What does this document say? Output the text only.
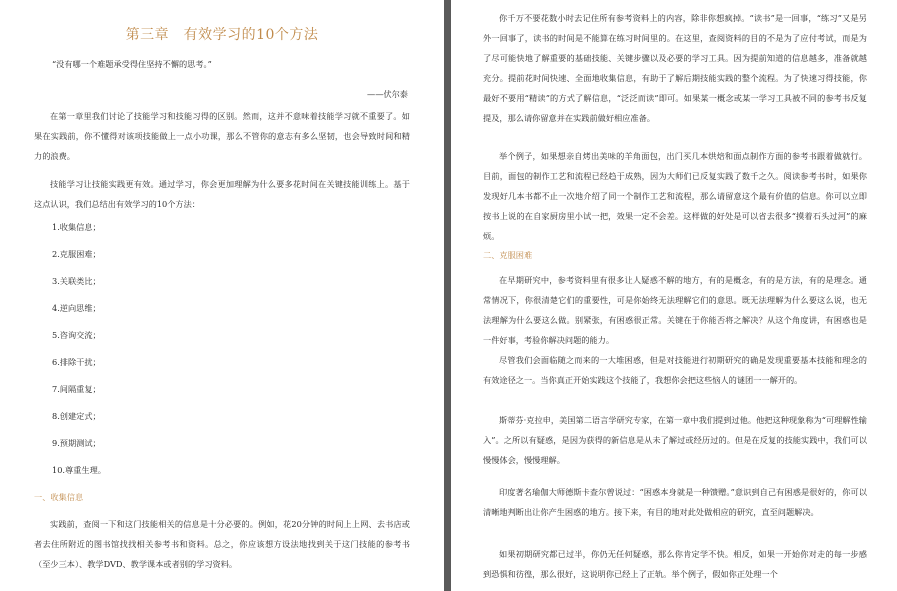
第三章　有效学习的10个方法

“没有哪一个难题承受得住坚持不懈的思考。”

——伏尔泰

在第一章里我们讨论了技能学习和技能习得的区别。然而，这并不意味着技能学习就不重要了。如果在实践前，你不懂得对该项技能做上一点小功课，那么不管你的意志有多么坚韧，也会导致时间和精力的浪费。

技能学习让技能实践更有效。通过学习，你会更加理解为什么要多花时间在关键技能训练上。基于这点认识，我们总结出有效学习的10个方法：

1.收集信息；

2.克服困难；

3.关联类比；

4.逆向思维；

5.咨询交流；

6.排除干扰；

7.间隔重复；

8.创建定式；

9.预期测试；

10.尊重生理。

一、收集信息

实践前，查阅一下和这门技能相关的信息是十分必要的。例如，花20分钟的时间上上网、去书店或者去住所附近的图书馆找找相关参考书和资料。总之，你应该想方设法地找到关于这门技能的参考书（至少三本）、教学DVD、教学课本或者别的学习资料。

你千万不要花数小时去记住所有参考资料上的内容，除非你想疯掉。“读书”是一回事，“练习”又是另外一回事了，读书的时间是不能算在练习时间里的。在这里，查阅资料的目的不是为了应付考试，而是为了尽可能快地了解重要的基础技能、关键步骤以及必要的学习工具。因为提前知道的信息越多，准备就越充分。提前花时间快速、全面地收集信息，有助于了解后期技能实践的整个流程。为了快速习得技能，你最好不要用“精读”的方式了解信息，“泛泛而读”即可。如果某一概念或某一学习工具被不同的参考书反复提及，那么请你留意并在实践前做好相应准备。

举个例子，如果想亲自烤出美味的羊角面包，出门买几本烘焙和面点制作方面的参考书跟着做就行。目前，面包的制作工艺和流程已经趋于成熟，因为大师们已反复实践了数千之久。阅读参考书时，如果你发现好几本书都不止一次地介绍了同一个制作工艺和流程，那么请留意这个最有价值的信息。你可以立即按书上说的在自家厨房里小试一把，效果一定不会差。这样做的好处是可以省去很多“摸着石头过河”的麻烦。

二、克服困难

在早期研究中，参考资料里有很多让人疑惑不解的地方，有的是概念，有的是方法，有的是理念。通常情况下，你很清楚它们的重要性，可是你始终无法理解它们的意思。既无法理解为什么要这么说，也无法理解为什么要这么做。别紧张，有困惑很正常。关键在于你能否将之解决？从这个角度讲，有困惑也是一件好事，考验你解决问题的能力。

尽管我们会面临随之而来的一大堆困惑，但是对技能进行初期研究的确是发现重要基本技能和理念的有效途径之一。当你真正开始实践这个技能了，我想你会把这些恼人的谜团一一解开的。

斯蒂芬·克拉申，美国第二语言学研究专家，在第一章中我们提到过他。他把这种现象称为“可理解性输入”。之所以有疑惑，是因为获得的新信息是从未了解过或经历过的。但是在反复的技能实践中，我们可以慢慢体会，慢慢理解。

印度著名瑜伽大师德斯卡查尔曾说过：“困惑本身就是一种馈赠。”意识到自己有困惑是很好的，你可以清晰地判断出让你产生困惑的地方。接下来，有目的地对此处做相应的研究，直至问题解决。

如果初期研究都已过半，你仍无任何疑惑，那么你肯定学不快。相反，如果一开始你对走的每一步感到恐惧和彷徨，那么很好，这说明你已经上了正轨。举个例子，假如你正处理一个
